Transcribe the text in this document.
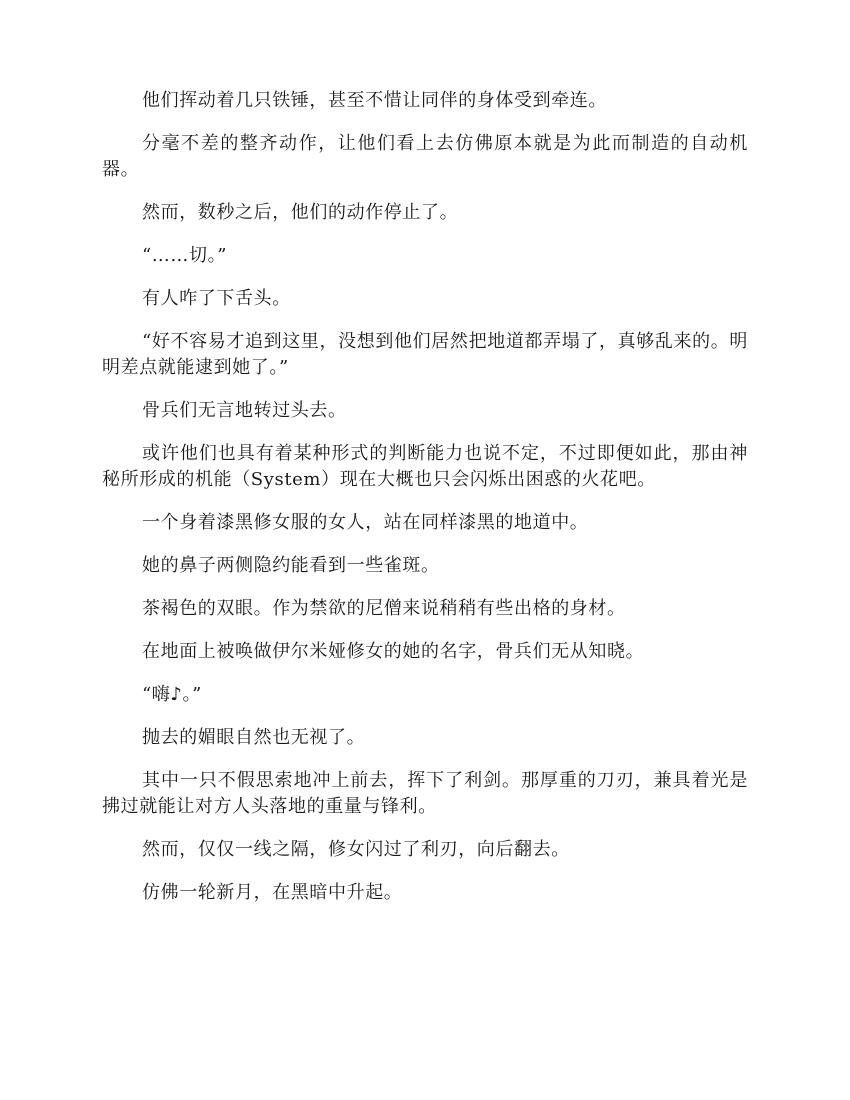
他们挥动着几只铁锤，甚至不惜让同伴的身体受到牵连。

分毫不差的整齐动作，让他们看上去仿佛原本就是为此而制造的自动机器。

然而，数秒之后，他们的动作停止了。

“……切。”

有人咋了下舌头。

“好不容易才追到这里，没想到他们居然把地道都弄塌了，真够乱来的。明明差点就能逮到她了。”

骨兵们无言地转过头去。

或许他们也具有着某种形式的判断能力也说不定，不过即便如此，那由神秘所形成的机能（System）现在大概也只会闪烁出困惑的火花吧。

一个身着漆黑修女服的女人，站在同样漆黑的地道中。

她的鼻子两侧隐约能看到一些雀斑。

茶褐色的双眼。作为禁欲的尼僧来说稍稍有些出格的身材。

在地面上被唤做伊尔米娅修女的她的名字，骨兵们无从知晓。

“嗨♪。”

抛去的媚眼自然也无视了。

其中一只不假思索地冲上前去，挥下了利剑。那厚重的刀刃，兼具着光是拂过就能让对方人头落地的重量与锋利。

然而，仅仅一线之隔，修女闪过了利刃，向后翻去。

仿佛一轮新月，在黑暗中升起。
